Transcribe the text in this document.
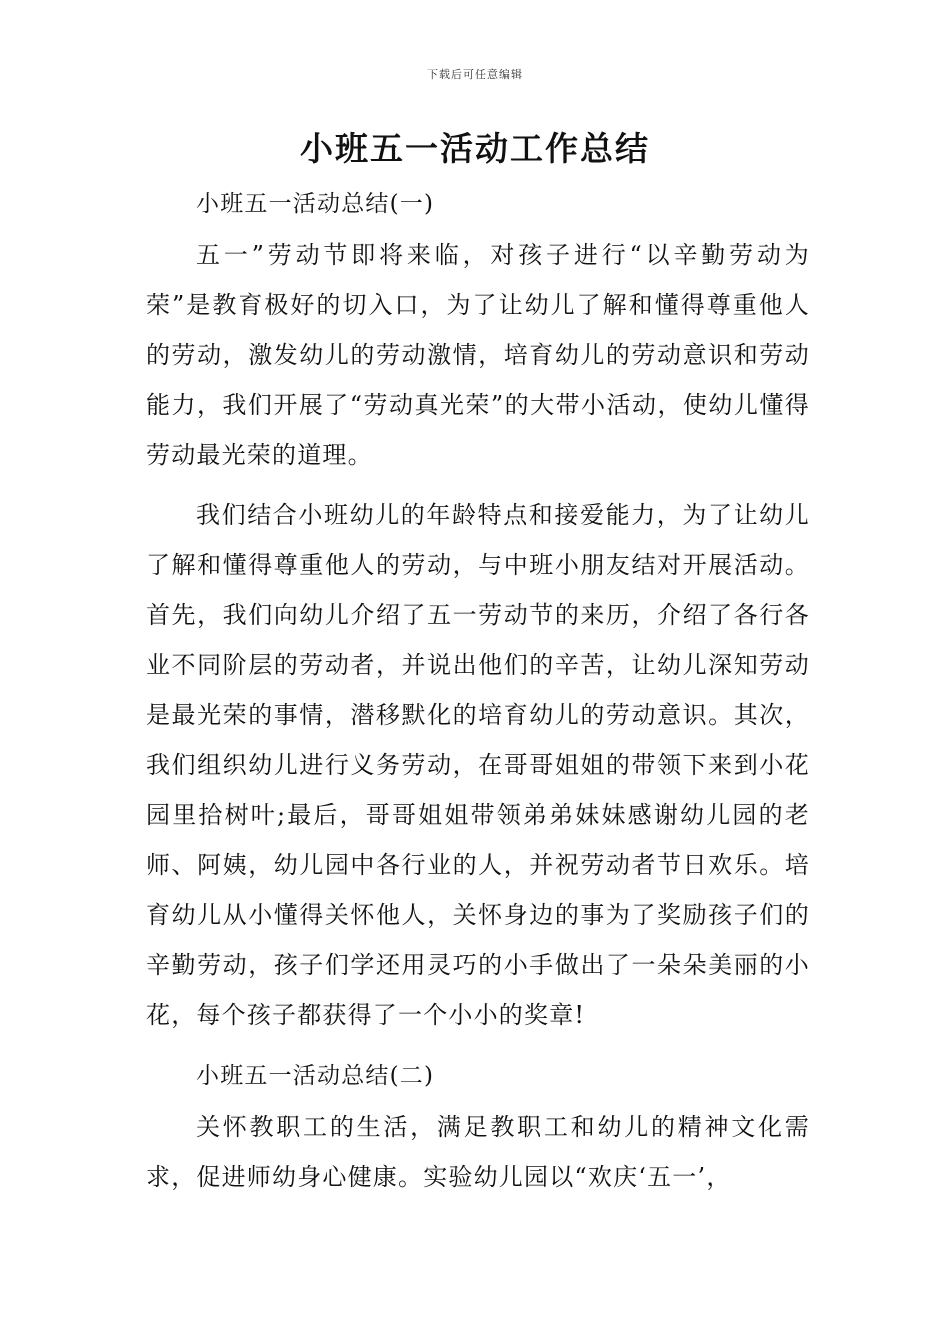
下载后可任意编辑
小班五一活动工作总结

小班五一活动总结(一)

五一”劳动节即将来临，对孩子进行“以辛勤劳动为荣”是教育极好的切入口，为了让幼儿了解和懂得尊重他人的劳动，激发幼儿的劳动激情，培育幼儿的劳动意识和劳动能力，我们开展了“劳动真光荣”的大带小活动，使幼儿懂得劳动最光荣的道理。

我们结合小班幼儿的年龄特点和接爱能力，为了让幼儿了解和懂得尊重他人的劳动，与中班小朋友结对开展活动。首先，我们向幼儿介绍了五一劳动节的来历，介绍了各行各业不同阶层的劳动者，并说出他们的辛苦，让幼儿深知劳动是最光荣的事情，潜移默化的培育幼儿的劳动意识。其次，我们组织幼儿进行义务劳动，在哥哥姐姐的带领下来到小花园里拾树叶;最后，哥哥姐姐带领弟弟妹妹感谢幼儿园的老师、阿姨，幼儿园中各行业的人，并祝劳动者节日欢乐。培育幼儿从小懂得关怀他人，关怀身边的事为了奖励孩子们的辛勤劳动，孩子们学还用灵巧的小手做出了一朵朵美丽的小花，每个孩子都获得了一个小小的奖章!

小班五一活动总结(二)

关怀教职工的生活，满足教职工和幼儿的精神文化需求，促进师幼身心健康。实验幼儿园以“欢庆‘五一’，
